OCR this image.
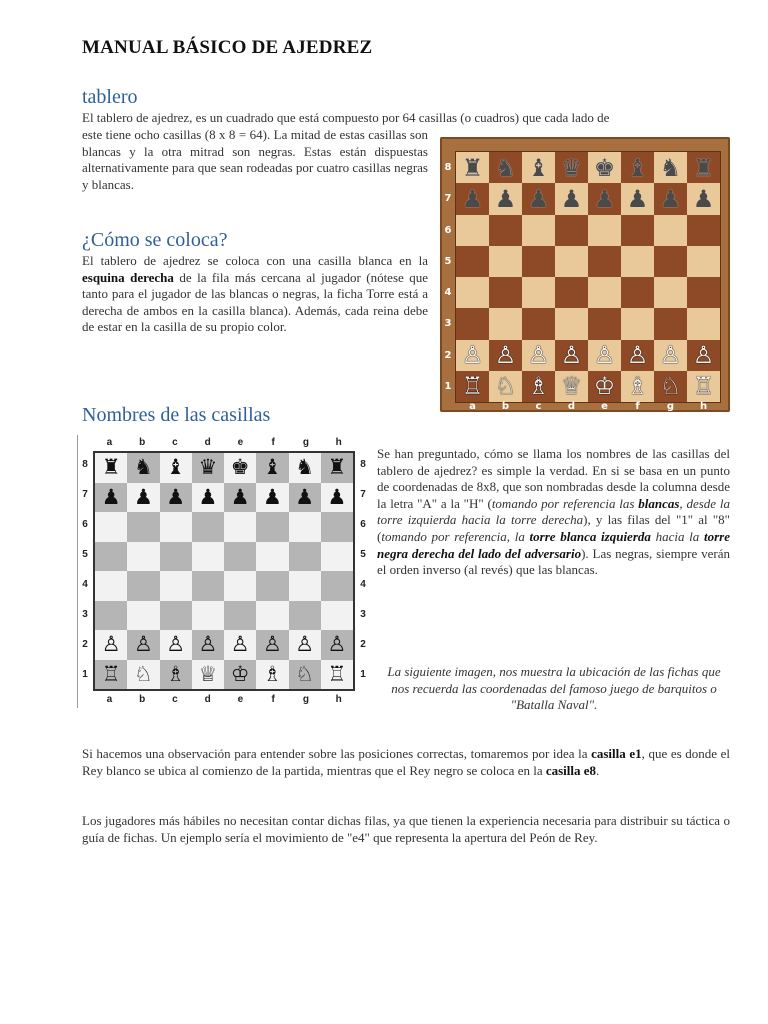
MANUAL BÁSICO DE AJEDREZ
tablero
El tablero de ajedrez, es un cuadrado que está compuesto por 64 casillas (o cuadros) que cada lado de
este tiene ocho casillas (8 x 8 = 64). La mitad de estas casillas son blancas y la otra mitrad son negras. Estas están dispuestas alternativamente para que sean rodeadas por cuatro casillas negras y blancas.
♜ ♞ ♝ ♛ ♚ ♝ ♞ ♜
♟ ♟ ♟ ♟ ♟ ♟ ♟ ♟
♙ ♙ ♙ ♙ ♙ ♙ ♙ ♙
♖ ♘ ♗ ♕ ♔ ♗ ♘ ♖
8
7
6
5
4
3
2
1
a	b	c	d	e	f	g	h
¿Cómo se coloca?
El tablero de ajedrez se coloca con una casilla blanca en la esquina derecha de la fila más cercana al jugador (nótese que tanto para el jugador de las blancas o negras, la ficha Torre está a derecha de ambos en la casilla blanca). Además, cada reina debe de estar en la casilla de su propio color.
Nombres de las casillas
♜ ♞ ♝ ♛ ♚ ♝ ♞ ♜
♟ ♟ ♟ ♟ ♟ ♟ ♟ ♟
♙ ♙ ♙ ♙ ♙ ♙ ♙ ♙
♖ ♘ ♗ ♕ ♔ ♗ ♘ ♖
a
a
b
b
c
c
d
d
e
e
f
f
g
g
h
h
8	8
7	7
6	6
5	5
4	4
3	3
2	2
1	1
Se han preguntado, cómo se llama los nombres de las casillas del tablero de ajedrez? es simple la verdad. En si se basa en un punto de coordenadas de 8x8, que son nombradas desde la columna desde la letra "A" a la "H" (tomando por referencia las blancas, desde la torre izquierda hacia la torre derecha), y las filas del "1" al "8" (tomando por referencia, la torre blanca izquierda hacia la torre negra derecha del lado del adversario). Las negras, siempre verán el orden inverso (al revés) que las blancas.
La siguiente imagen, nos muestra la ubicación de las fichas que nos recuerda las coordenadas del famoso juego de barquitos o "Batalla Naval".
Si hacemos una observación para entender sobre las posiciones correctas, tomaremos por idea la casilla e1, que es donde el Rey blanco se ubica al comienzo de la partida, mientras que el Rey negro se coloca en la casilla e8.
Los jugadores más hábiles no necesitan contar dichas filas, ya que tienen la experiencia necesaria para distribuir su táctica o guía de fichas. Un ejemplo sería el movimiento de "e4" que representa la apertura del Peón de Rey.
